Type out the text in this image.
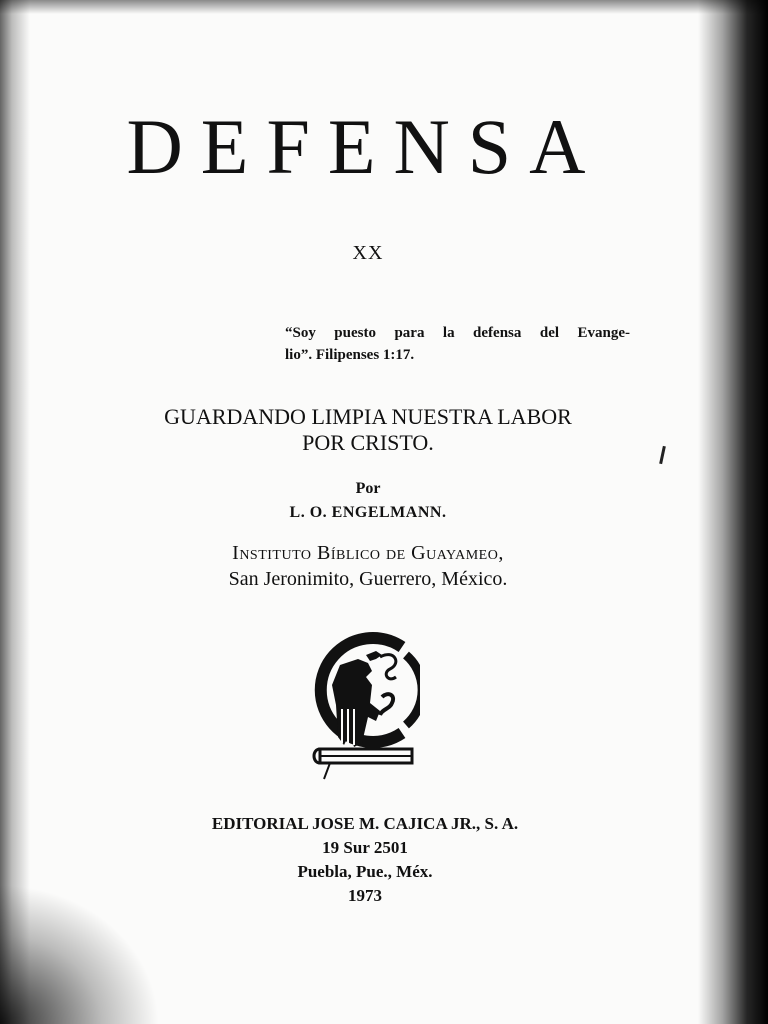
DEFENSA
XX
“Soy puesto para la defensa del Evange-
lio”. Filipenses 1:17.
GUARDANDO LIMPIA NUESTRA LABOR
POR CRISTO.
Por
L. O. ENGELMANN.
Instituto Bíblico de Guayameo,
San Jeronimito, Guerrero, México.
EDITORIAL JOSE M. CAJICA JR., S. A.
19 Sur 2501
Puebla, Pue., Méx.
1973
